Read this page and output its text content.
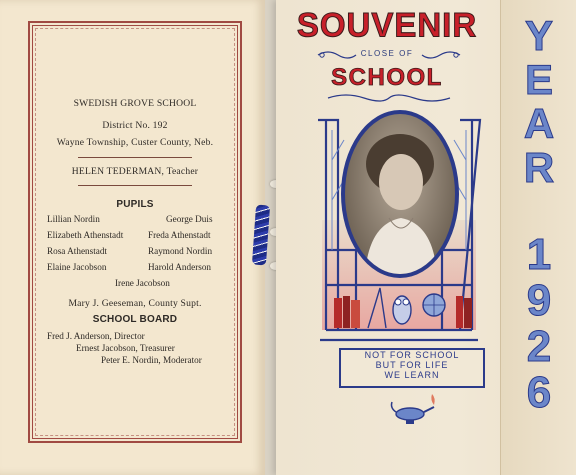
SWEDISH GROVE SCHOOL
District No. 192
Wayne Township, Custer County, Neb.
HELEN TEDERMAN, Teacher
PUPILS
Lillian Nordin	George Duis
Elizabeth Athenstadt	Freda Athenstadt
Rosa Athenstadt	Raymond Nordin
Elaine Jacobson	Harold Anderson
Irene Jacobson
Mary J. Geeseman, County Supt.
SCHOOL BOARD
Fred J. Anderson, Director
Ernest Jacobson, Treasurer
Peter E. Nordin, Moderator
SOUVENIR
CLOSE OF
SCHOOL
NOT FOR SCHOOL
BUT FOR LIFE
WE LEARN
Y
E
A
R
1
9
2
6
